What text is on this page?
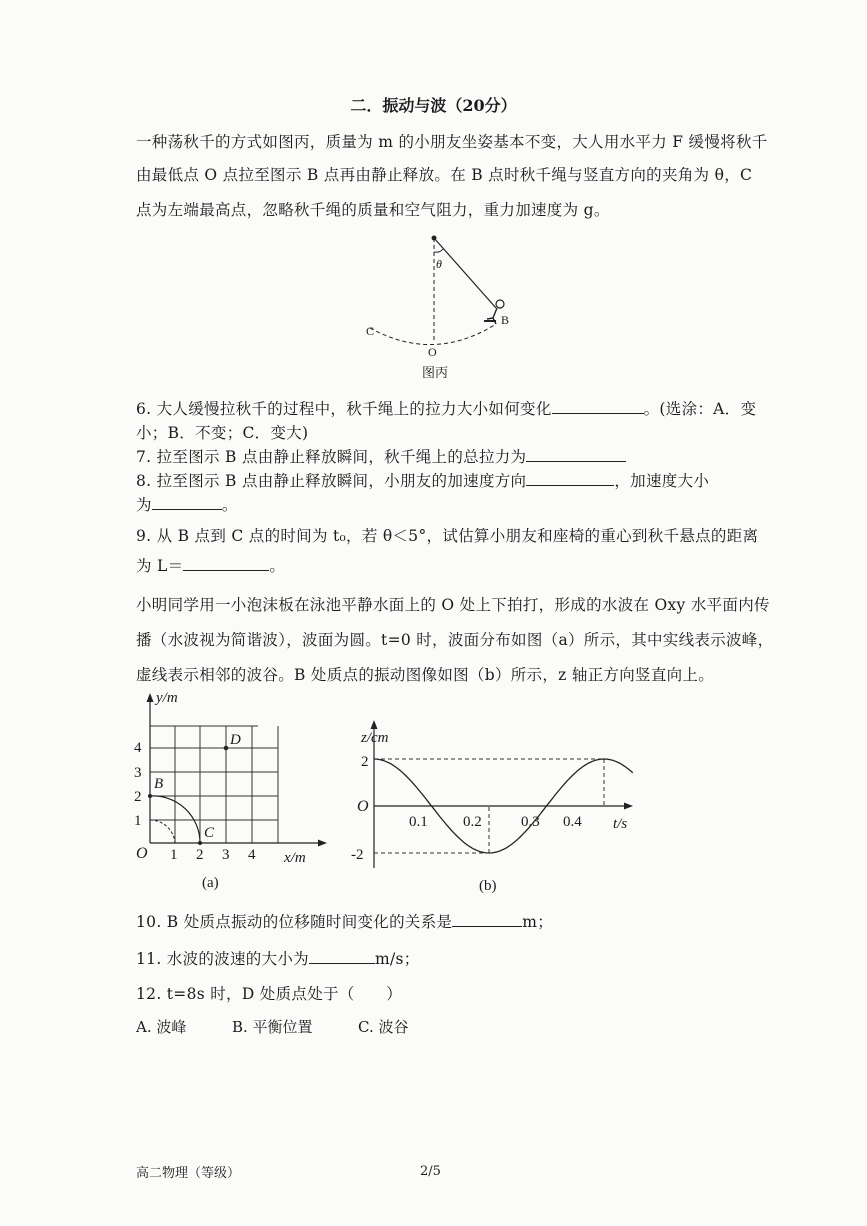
二．振动与波（20分）
一种荡秋千的方式如图丙，质量为 m 的小朋友坐姿基本不变，大人用水平力 F 缓慢将秋千
由最低点 O 点拉至图示 B 点再由静止释放。在 B 点时秋千绳与竖直方向的夹角为 θ，C
点为左端最高点，忽略秋千绳的质量和空气阻力，重力加速度为 g。
θ
B
C
O
图丙
6. 大人缓慢拉秋千的过程中，秋千绳上的拉力大小如何变化	。(选涂：A．变
小；B．不变；C．变大)
7. 拉至图示 B 点由静止释放瞬间，秋千绳上的总拉力为
8. 拉至图示 B 点由静止释放瞬间，小朋友的加速度方向	，加速度大小
为	。
9. 从 B 点到 C 点的时间为 t₀，若 θ＜5°，试估算小朋友和座椅的重心到秋千悬点的距离
为 L＝	。
小明同学用一小泡沫板在泳池平静水面上的 O 处上下拍打，形成的水波在 Oxy 水平面内传
播（水波视为简谐波），波面为圆。t=0 时，波面分布如图（a）所示，其中实线表示波峰，
虚线表示相邻的波谷。B 处质点的振动图像如图（b）所示，z 轴正方向竖直向上。
y/m
x/m
O
4
3
2
1
1 2 3 4
B
C
D
(a)
z/cm
t/s
O
2
-2
0.1 0.2	0.3 0.4
(b)
10. B 处质点振动的位移随时间变化的关系是	m；
11. 水波的波速的大小为	m/s；
12. t=8s 时，D 处质点处于（　　）
A. 波峰	B. 平衡位置	C. 波谷
高二物理（等级）	2/5
